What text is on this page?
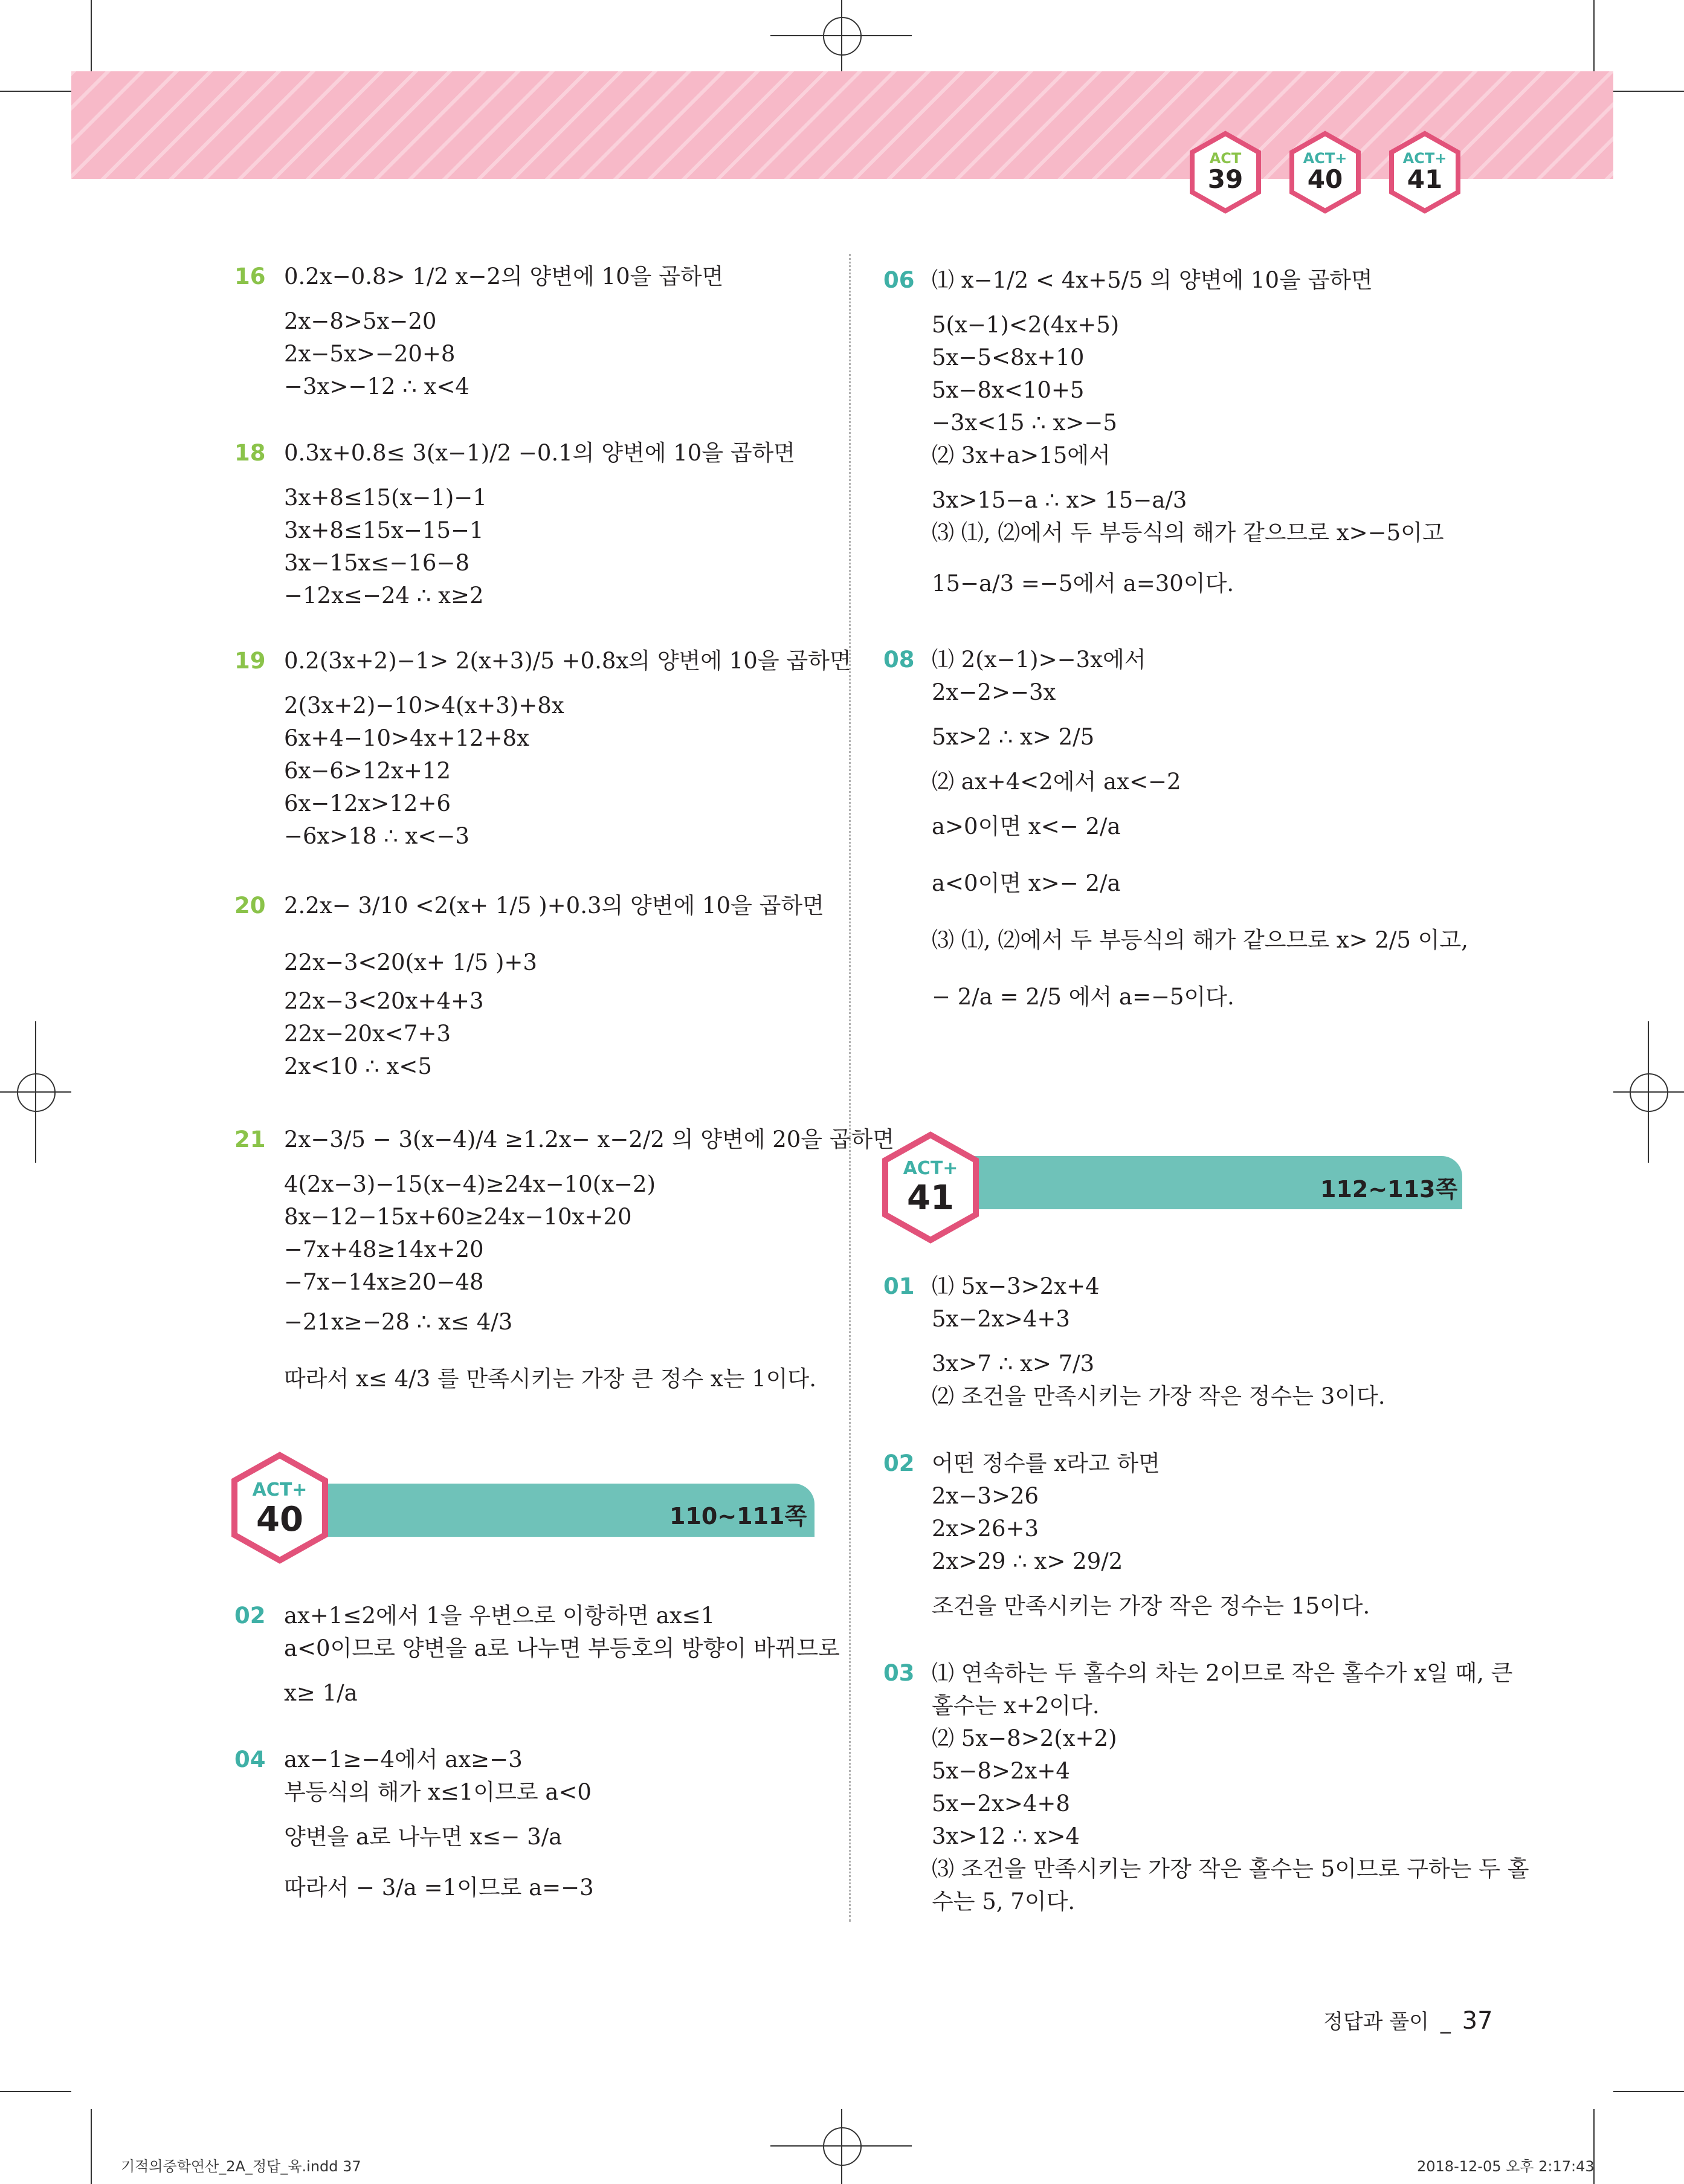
ACT
39
ACT+
40
ACT+
41
16 0.2x−0.8> 1/2 x−2의 양변에 10을 곱하면
2x−8>5x−20
2x−5x>−20+8
−3x>−12 ∴ x<4
18 0.3x+0.8≤ 3(x−1)/2 −0.1의 양변에 10을 곱하면
3x+8≤15(x−1)−1
3x+8≤15x−15−1
3x−15x≤−16−8
−12x≤−24 ∴ x≥2
19 0.2(3x+2)−1> 2(x+3)/5 +0.8x의 양변에 10을 곱하면
2(3x+2)−10>4(x+3)+8x
6x+4−10>4x+12+8x
6x−6>12x+12
6x−12x>12+6
−6x>18 ∴ x<−3
20 2.2x− 3/10 <2(x+ 1/5 )+0.3의 양변에 10을 곱하면
22x−3<20(x+ 1/5 )+3
22x−3<20x+4+3
22x−20x<7+3
2x<10 ∴ x<5
21 2x−3/5 − 3(x−4)/4 ≥1.2x− x−2/2 의 양변에 20을 곱하면
4(2x−3)−15(x−4)≥24x−10(x−2)
8x−12−15x+60≥24x−10x+20
−7x+48≥14x+20
−7x−14x≥20−48
−21x≥−28 ∴ x≤ 4/3
따라서 x≤ 4/3 를 만족시키는 가장 큰 정수 x는 1이다.
02 ax+1≤2에서 1을 우변으로 이항하면 ax≤1
a<0이므로 양변을 a로 나누면 부등호의 방향이 바뀌므로
x≥ 1/a
04 ax−1≥−4에서 ax≥−3
부등식의 해가 x≤1이므로 a<0
양변을 a로 나누면 x≤− 3/a
따라서 − 3/a =1이므로 a=−3
ACT+
40	110~111쪽
06 ⑴ x−1/2 < 4x+5/5 의 양변에 10을 곱하면
5(x−1)<2(4x+5)
5x−5<8x+10
5x−8x<10+5
−3x<15 ∴ x>−5
⑵ 3x+a>15에서
3x>15−a ∴ x> 15−a/3
⑶ ⑴, ⑵에서 두 부등식의 해가 같으므로 x>−5이고
15−a/3 =−5에서 a=30이다.
08 ⑴ 2(x−1)>−3x에서
2x−2>−3x
5x>2 ∴ x> 2/5
⑵ ax+4<2에서 ax<−2
a>0이면 x<− 2/a
a<0이면 x>− 2/a
⑶ ⑴, ⑵에서 두 부등식의 해가 같으므로 x> 2/5 이고,
− 2/a = 2/5 에서 a=−5이다.
01 ⑴ 5x−3>2x+4
5x−2x>4+3
3x>7 ∴ x> 7/3
⑵ 조건을 만족시키는 가장 작은 정수는 3이다.
02 어떤 정수를 x라고 하면
2x−3>26
2x>26+3
2x>29 ∴ x> 29/2
조건을 만족시키는 가장 작은 정수는 15이다.
03 ⑴ 연속하는 두 홀수의 차는 2이므로 작은 홀수가 x일 때, 큰
홀수는 x+2이다.
⑵ 5x−8>2(x+2)
5x−8>2x+4
5x−2x>4+8
3x>12 ∴ x>4
⑶ 조건을 만족시키는 가장 작은 홀수는 5이므로 구하는 두 홀
수는 5, 7이다.
ACT+
41	112~113쪽
정답과 풀이 _ 37
기적의중학연산_2A_정답_육.indd 37	2018-12-05 오후 2:17:43
